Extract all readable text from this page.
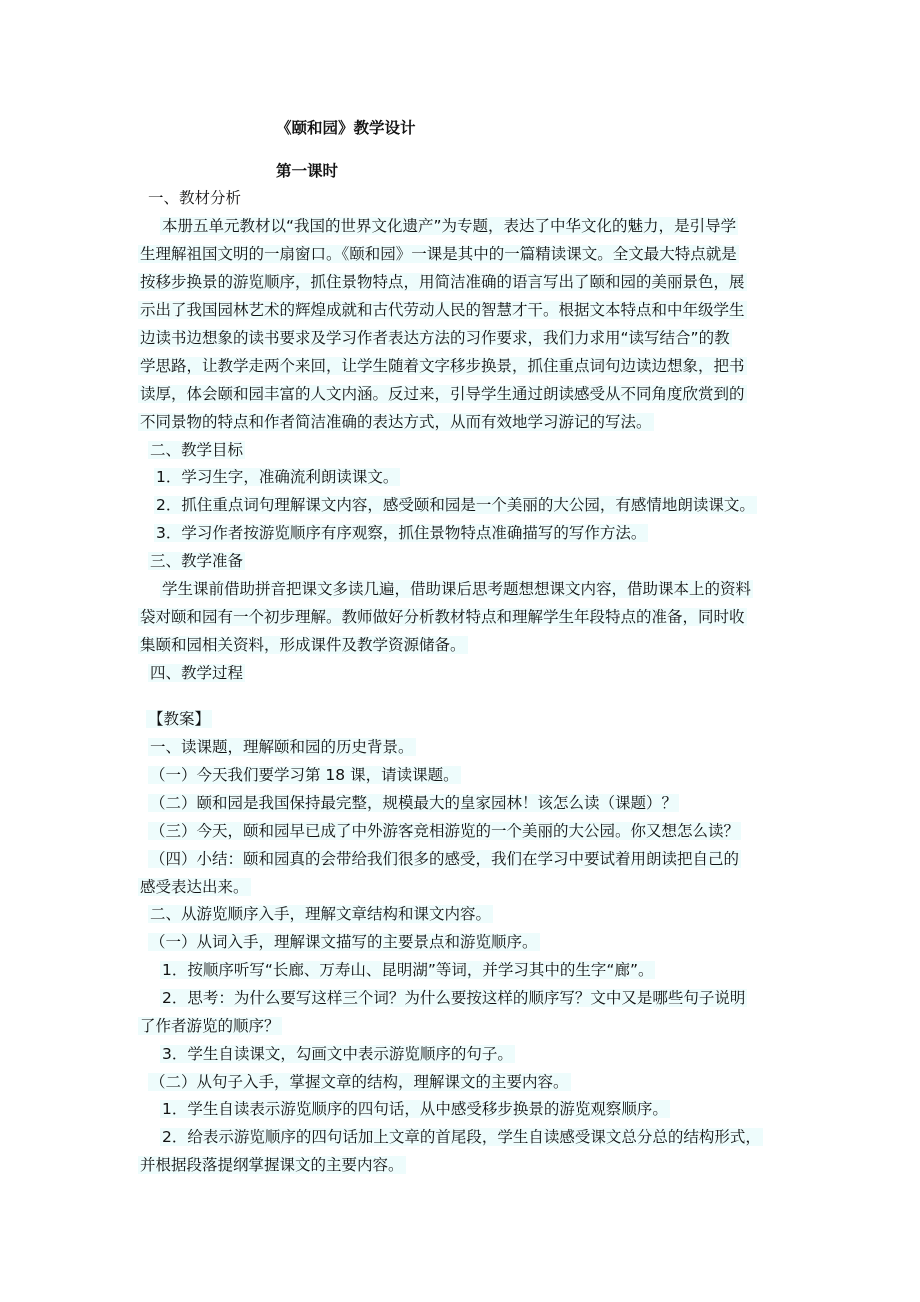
《颐和园》教学设计
第一课时
一、教材分析
本册五单元教材以“我国的世界文化遗产”为专题，表达了中华文化的魅力，是引导学
生理解祖国文明的一扇窗口。《颐和园》一课是其中的一篇精读课文。全文最大特点就是
按移步换景的游览顺序，抓住景物特点，用简洁准确的语言写出了颐和园的美丽景色，展
示出了我国园林艺术的辉煌成就和古代劳动人民的智慧才干。根据文本特点和中年级学生
边读书边想象的读书要求及学习作者表达方法的习作要求，我们力求用“读写结合”的教
学思路，让教学走两个来回，让学生随着文字移步换景，抓住重点词句边读边想象，把书
读厚，体会颐和园丰富的人文内涵。反过来，引导学生通过朗读感受从不同角度欣赏到的
不同景物的特点和作者简洁准确的表达方式，从而有效地学习游记的写法。
二、教学目标
1．学习生字，准确流利朗读课文。
2．抓住重点词句理解课文内容，感受颐和园是一个美丽的大公园，有感情地朗读课文。
3．学习作者按游览顺序有序观察，抓住景物特点准确描写的写作方法。
三、教学准备
学生课前借助拼音把课文多读几遍，借助课后思考题想想课文内容，借助课本上的资料
袋对颐和园有一个初步理解。教师做好分析教材特点和理解学生年段特点的准备，同时收
集颐和园相关资料，形成课件及教学资源储备。
四、教学过程
【教案】
一、读课题，理解颐和园的历史背景。
（一）今天我们要学习第 18 课，请读课题。
（二）颐和园是我国保持最完整，规模最大的皇家园林！该怎么读（课题）？
（三）今天，颐和园早已成了中外游客竞相游览的一个美丽的大公园。你又想怎么读？
（四）小结：颐和园真的会带给我们很多的感受，我们在学习中要试着用朗读把自己的
感受表达出来。
二、从游览顺序入手，理解文章结构和课文内容。
（一）从词入手，理解课文描写的主要景点和游览顺序。
1．按顺序听写“长廊、万寿山、昆明湖”等词，并学习其中的生字“廊”。
2．思考：为什么要写这样三个词？为什么要按这样的顺序写？文中又是哪些句子说明
了作者游览的顺序？
3．学生自读课文，勾画文中表示游览顺序的句子。
（二）从句子入手，掌握文章的结构，理解课文的主要内容。
1．学生自读表示游览顺序的四句话，从中感受移步换景的游览观察顺序。
2．给表示游览顺序的四句话加上文章的首尾段，学生自读感受课文总分总的结构形式，
并根据段落提纲掌握课文的主要内容。
